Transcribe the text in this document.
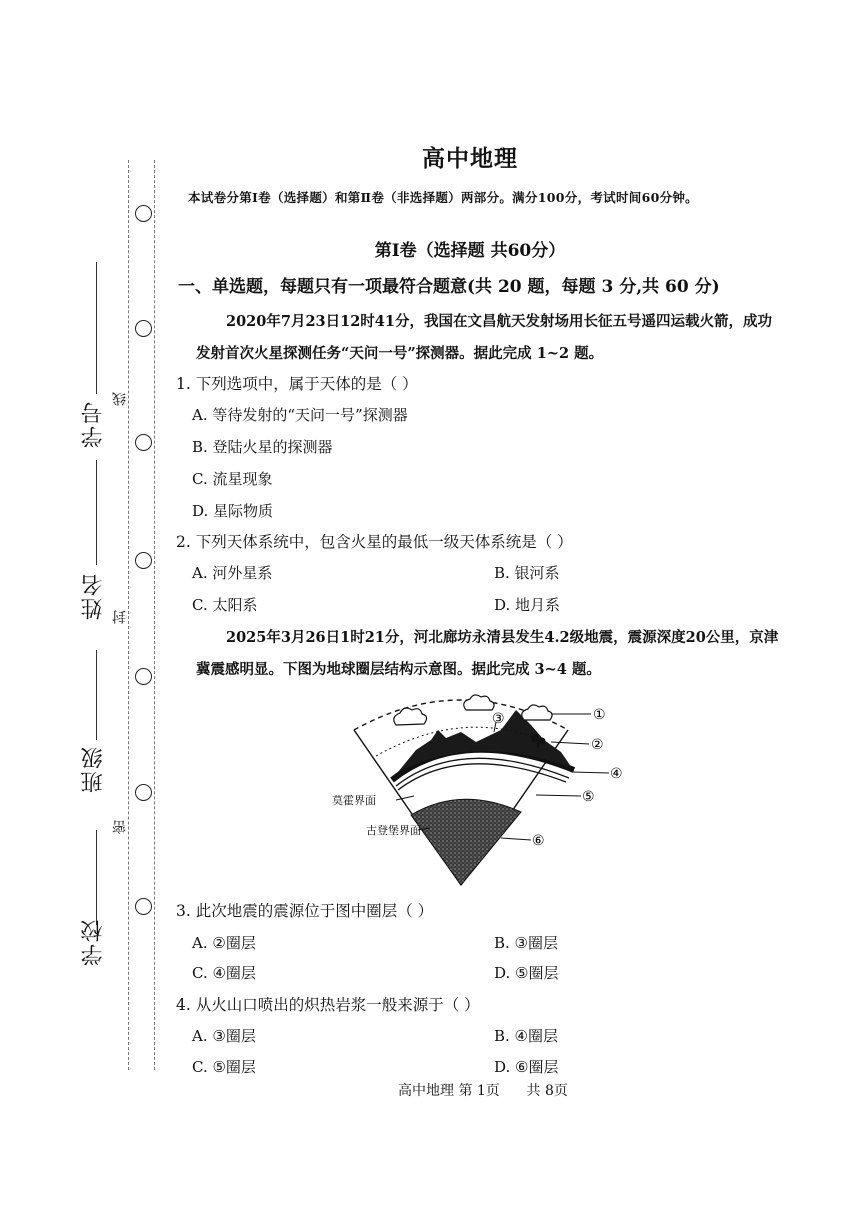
学号
线
姓名 封
班级
密
学校
高中地理
本试卷分第Ⅰ卷（选择题）和第Ⅱ卷（非选择题）两部分。满分100分，考试时间60分钟。
第Ⅰ卷（选择题 共60分）
一、单选题，每题只有一项最符合题意(共 20 题，每题 3 分,共 60 分)
2020年7月23日12时41分，我国在文昌航天发射场用长征五号遥四运载火箭，成功
发射首次火星探测任务“天问一号”探测器。据此完成 1~2 题。
1. 下列选项中，属于天体的是（ ）
A. 等待发射的“天问一号”探测器
B. 登陆火星的探测器
C. 流星现象
D. 星际物质
2. 下列天体系统中，包含火星的最低一级天体系统是（ ）
A. 河外星系	B. 银河系
C. 太阳系	D. 地月系
2025年3月26日1时21分，河北廊坊永清县发生4.2级地震，震源深度20公里，京津
冀震感明显。下图为地球圈层结构示意图。据此完成 3~4 题。
①
②
③
④
⑤
⑥
莫霍界面
古登堡界面
3. 此次地震的震源位于图中圈层（ ）
A. ②圈层	B. ③圈层
C. ④圈层	D. ⑤圈层
4. 从火山口喷出的炽热岩浆一般来源于（ ）
A. ③圈层	B. ④圈层
C. ⑤圈层	D. ⑥圈层
高中地理 第 1页      共 8页
